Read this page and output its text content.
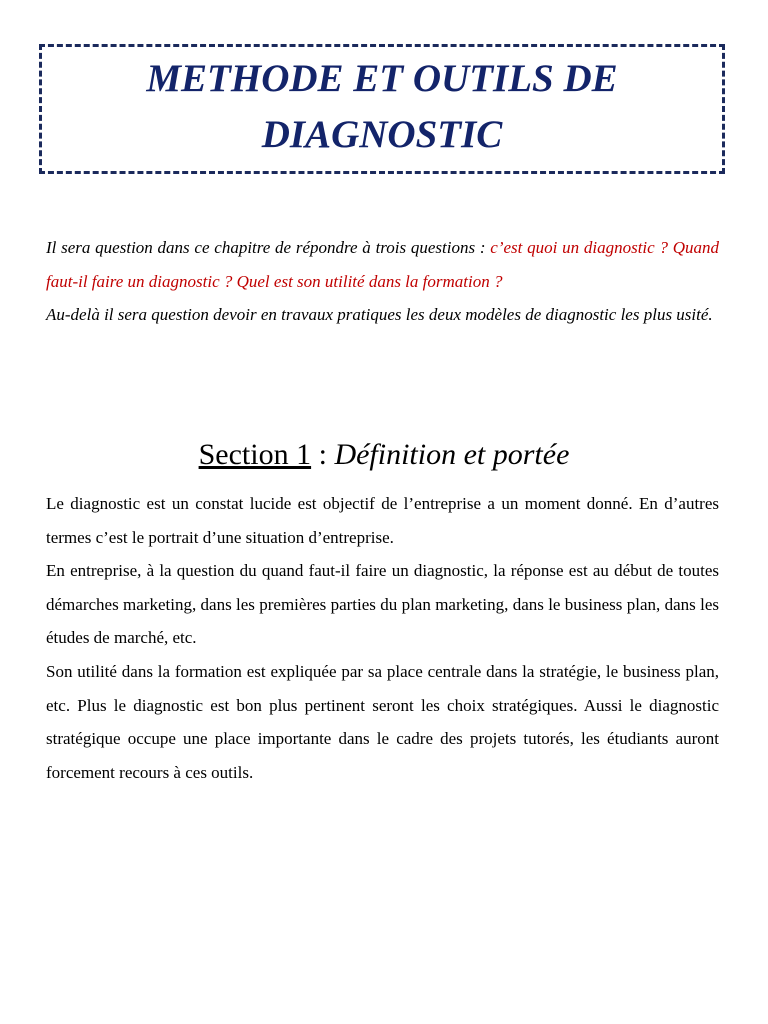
METHODE ET OUTILS DE

DIAGNOSTIC

Il sera question dans ce chapitre de répondre à trois questions : c’est quoi un diagnostic ? Quand faut-il faire un diagnostic ? Quel est son utilité dans la formation ?

Au-delà il sera question devoir en travaux pratiques les deux modèles de diagnostic les plus usité.

Section 1 : Définition et portée

Le diagnostic est un constat lucide est objectif de l’entreprise a un moment donné. En d’autres termes c’est le portrait d’une situation d’entreprise.

En entreprise, à la question du quand faut-il faire un diagnostic, la réponse est au début de toutes démarches marketing, dans les premières parties du plan marketing, dans le business plan, dans les études de marché, etc.

Son utilité dans la formation est expliquée par sa place centrale dans la stratégie, le business plan, etc. Plus le diagnostic est bon plus pertinent seront les choix stratégiques. Aussi le diagnostic stratégique occupe une place importante dans le cadre des projets tutorés, les étudiants auront forcement recours à ces outils.
